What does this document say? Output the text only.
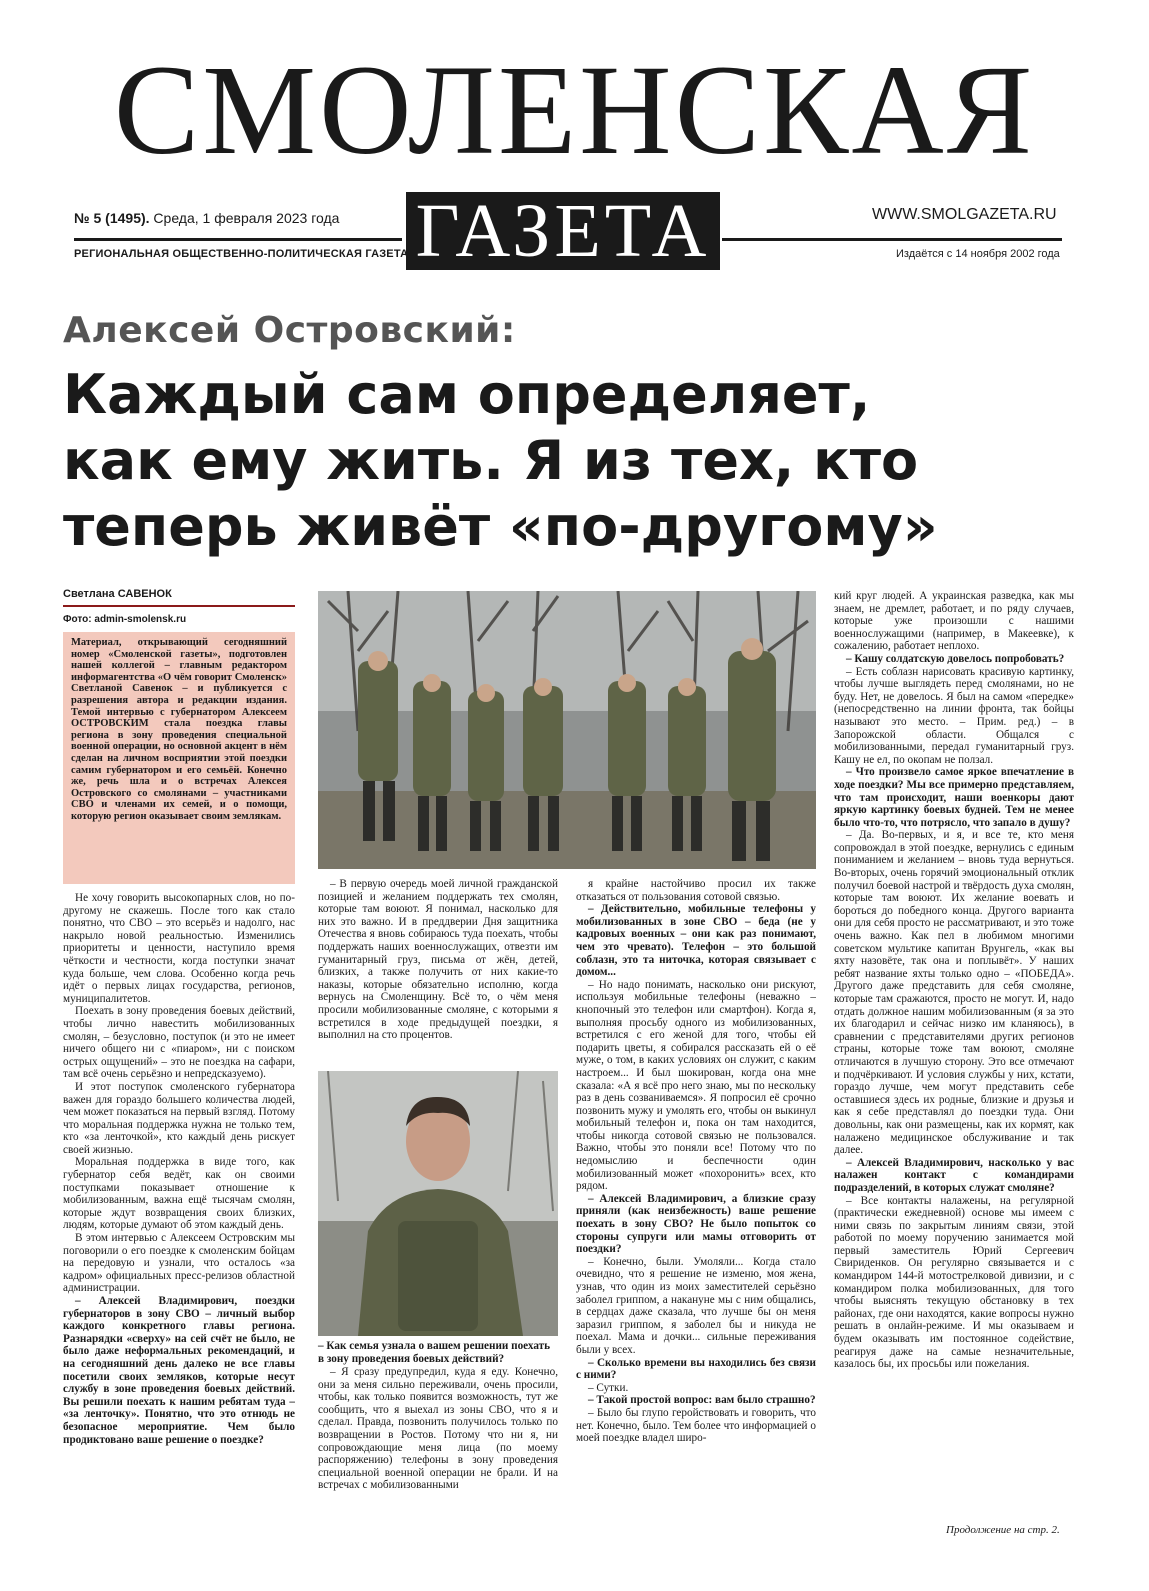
СМОЛЕНСКАЯ
ГАЗЕТА
№ 5 (1495). Среда, 1 февраля 2023 года
РЕГИОНАЛЬНАЯ ОБЩЕСТВЕННО-ПОЛИТИЧЕСКАЯ ГАЗЕТА
WWW.SMOLGAZETA.RU
Издаётся с 14 ноября 2002 года
Алексей Островский:
Каждый сам определяет,
как ему жить. Я из тех, кто
теперь живёт «по-другому»
Светлана САВЕНОК
Фото: admin-smolensk.ru
Материал, открывающий сегодняшний номер «Смоленской газеты», подготовлен нашей коллегой – главным редактором информагентства «О чём говорит Смоленск» Светланой Савенок – и публикуется с разрешения автора и редакции издания. Темой интервью с губернатором Алексеем ОСТРОВСКИМ стала поездка главы региона в зону проведения специальной военной операции, но основной акцент в нём сделан на личном восприятии этой поездки самим губернатором и его семьёй. Конечно же, речь шла и о встречах Алексея Островского со смолянами – участниками СВО и членами их семей, и о помощи, которую регион оказывает своим землякам.

Не хочу говорить высокопарных слов, но по-другому не скажешь. После того как стало понятно, что СВО – это всерьёз и надолго, нас накрыло новой реальностью. Изменились приоритеты и ценности, наступило время чёткости и честности, когда поступки значат куда больше, чем слова. Особенно когда речь идёт о первых лицах государства, регионов, муниципалитетов.

Поехать в зону проведения боевых действий, чтобы лично навестить мобилизованных смолян, – безусловно, поступок (и это не имеет ничего общего ни с «пиаром», ни с поиском острых ощущений» – это не поездка на сафари, там всё очень серьёзно и непредсказуемо).

И этот поступок смоленского губернатора важен для гораздо большего количества людей, чем может показаться на первый взгляд. Потому что моральная поддержка нужна не только тем, кто «за ленточкой», кто каждый день рискует своей жизнью.

Моральная поддержка в виде того, как губернатор себя ведёт, как он своими поступками показывает отношение к мобилизованным, важна ещё тысячам смолян, которые ждут возвращения своих близких, людям, которые думают об этом каждый день.

В этом интервью с Алексеем Островским мы поговорили о его поездке к смоленским бойцам на передовую и узнали, что осталось «за кадром» официальных пресс-релизов областной администрации.

– Алексей Владимирович, поездки губернаторов в зону СВО – личный выбор каждого конкретного главы региона. Разнарядки «сверху» на сей счёт не было, не было даже неформальных рекомендаций, и на сегодняшний день далеко не все главы посетили своих земляков, которые несут службу в зоне проведения боевых действий. Вы решили поехать к нашим ребятам туда – «за ленточку». Понятно, что это отнюдь не безопасное мероприятие. Чем было продиктовано ваше решение о поездке?

– В первую очередь моей личной гражданской позицией и желанием поддержать тех смолян, которые там воюют. Я понимал, насколько для них это важно. И в преддверии Дня защитника Отечества я вновь собираюсь туда поехать, чтобы поддержать наших военнослужащих, отвезти им гуманитарный груз, письма от жён, детей, близких, а также получить от них какие-то наказы, которые обязательно исполню, когда вернусь на Смоленщину. Всё то, о чём меня просили мобилизованные смоляне, с которыми я встретился в ходе предыдущей поездки, я выполнил на сто процентов.

– Как семья узнала о вашем решении поехать в зону проведения боевых действий?

– Я сразу предупредил, куда я еду. Конечно, они за меня сильно переживали, очень просили, чтобы, как только появится возможность, тут же сообщить, что я выехал из зоны СВО, что я и сделал. Правда, позвонить получилось только по возвращении в Ростов. Потому что ни я, ни сопровождающие меня лица (по моему распоряжению) телефоны в зону проведения специальной военной операции не брали. И на встречах с мобилизованными

я крайне настойчиво просил их также отказаться от пользования сотовой связью.

– Действительно, мобильные телефоны у мобилизованных в зоне СВО – беда (не у кадровых военных – они как раз понимают, чем это чревато). Телефон – это большой соблазн, это та ниточка, которая связывает с домом...

– Но надо понимать, насколько они рискуют, используя мобильные телефоны (неважно – кнопочный это телефон или смартфон). Когда я, выполняя просьбу одного из мобилизованных, встретился с его женой для того, чтобы ей подарить цветы, я собирался рассказать ей о её муже, о том, в каких условиях он служит, с каким настроем... И был шокирован, когда она мне сказала: «А я всё про него знаю, мы по нескольку раз в день созваниваемся». Я попросил её срочно позвонить мужу и умолять его, чтобы он выкинул мобильный телефон и, пока он там находится, чтобы никогда сотовой связью не пользовался. Важно, чтобы это поняли все! Потому что по недомыслию и беспечности один мобилизованный может «похоронить» всех, кто рядом.

– Алексей Владимирович, а близкие сразу приняли (как неизбежность) ваше решение поехать в зону СВО? Не было попыток со стороны супруги или мамы отговорить от поездки?

– Конечно, были. Умоляли... Когда стало очевидно, что я решение не изменю, моя жена, узнав, что один из моих заместителей серьёзно заболел гриппом, а накануне мы с ним общались, в сердцах даже сказала, что лучше бы он меня заразил гриппом, я заболел бы и никуда не поехал. Мама и дочки... сильные переживания были у всех.

– Сколько времени вы находились без связи с ними?

– Сутки.

– Такой простой вопрос: вам было страшно?

– Было бы глупо геройствовать и говорить, что нет. Конечно, было. Тем более что информацией о моей поездке владел широ-

кий круг людей. А украинская разведка, как мы знаем, не дремлет, работает, и по ряду случаев, которые уже произошли с нашими военнослужащими (например, в Макеевке), к сожалению, работает неплохо.

– Кашу солдатскую довелось попробовать?

– Есть соблазн нарисовать красивую картинку, чтобы лучше выглядеть перед смолянами, но не буду. Нет, не довелось. Я был на самом «передке» (непосредственно на линии фронта, так бойцы называют это место. – Прим. ред.) – в Запорожской области. Общался с мобилизованными, передал гуманитарный груз. Кашу не ел, по окопам не ползал.

– Что произвело самое яркое впечатление в ходе поездки? Мы все примерно представляем, что там происходит, наши военкоры дают яркую картинку боевых будней. Тем не менее было что-то, что потрясло, что запало в душу?

– Да. Во-первых, и я, и все те, кто меня сопровождал в этой поездке, вернулись с единым пониманием и желанием – вновь туда вернуться. Во-вторых, очень горячий эмоциональный отклик получил боевой настрой и твёрдость духа смолян, которые там воюют. Их желание воевать и бороться до победного конца. Другого варианта они для себя просто не рассматривают, и это тоже очень важно. Как пел в любимом многими советском мультике капитан Врунгель, «как вы яхту назовёте, так она и поплывёт». У наших ребят название яхты только одно – «ПОБЕДА». Другого даже представить для себя смоляне, которые там сражаются, просто не могут. И, надо отдать должное нашим мобилизованным (я за это их благодарил и сейчас низко им кланяюсь), в сравнении с представителями других регионов страны, которые тоже там воюют, смоляне отличаются в лучшую сторону. Это все отмечают и подчёркивают. И условия службы у них, кстати, гораздо лучше, чем могут представить себе оставшиеся здесь их родные, близкие и друзья и как я себе представлял до поездки туда. Они довольны, как они размещены, как их кормят, как налажено медицинское обслуживание и так далее.

– Алексей Владимирович, насколько у вас налажен контакт с командирами подразделений, в которых служат смоляне?

– Все контакты налажены, на регулярной (практически ежедневной) основе мы имеем с ними связь по закрытым линиям связи, этой работой по моему поручению занимается мой первый заместитель Юрий Сергеевич Свириденков. Он регулярно связывается и с командиром 144-й мотострелковой дивизии, и с командиром полка мобилизованных, для того чтобы выяснять текущую обстановку в тех районах, где они находятся, какие вопросы нужно решать в онлайн-режиме. И мы оказываем и будем оказывать им постоянное содействие, реагируя даже на самые незначительные, казалось бы, их просьбы или пожелания.

Продолжение на стр. 2.
